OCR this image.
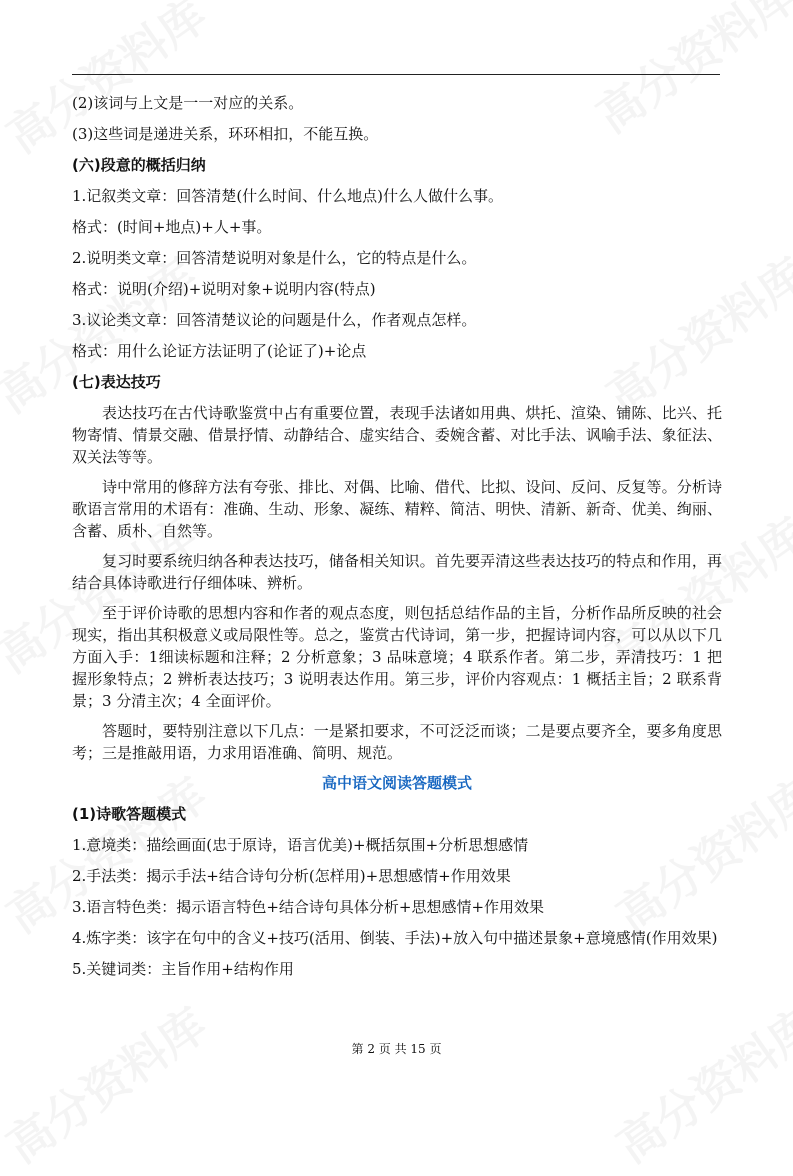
(2)该词与上文是一一对应的关系。

(3)这些词是递进关系，环环相扣，不能互换。

(六)段意的概括归纳

1.记叙类文章：回答清楚(什么时间、什么地点)什么人做什么事。

格式：(时间+地点)+人+事。

2.说明类文章：回答清楚说明对象是什么，它的特点是什么。

格式：说明(介绍)+说明对象+说明内容(特点)

3.议论类文章：回答清楚议论的问题是什么，作者观点怎样。

格式：用什么论证方法证明了(论证了)+论点

(七)表达技巧

表达技巧在古代诗歌鉴赏中占有重要位置，表现手法诸如用典、烘托、渲染、铺陈、比兴、托物寄情、情景交融、借景抒情、动静结合、虚实结合、委婉含蓄、对比手法、讽喻手法、象征法、双关法等等。

诗中常用的修辞方法有夸张、排比、对偶、比喻、借代、比拟、设问、反问、反复等。分析诗歌语言常用的术语有：准确、生动、形象、凝练、精粹、简洁、明快、清新、新奇、优美、绚丽、含蓄、质朴、自然等。

复习时要系统归纳各种表达技巧，储备相关知识。首先要弄清这些表达技巧的特点和作用，再结合具体诗歌进行仔细体味、辨析。

至于评价诗歌的思想内容和作者的观点态度，则包括总结作品的主旨，分析作品所反映的社会现实，指出其积极意义或局限性等。总之，鉴赏古代诗词，第一步，把握诗词内容，可以从以下几方面入手：1细读标题和注释；2 分析意象；3 品味意境；4 联系作者。第二步，弄清技巧：1 把握形象特点；2 辨析表达技巧；3 说明表达作用。第三步，评价内容观点：1 概括主旨；2 联系背景；3 分清主次；4 全面评价。

答题时，要特别注意以下几点：一是紧扣要求，不可泛泛而谈；二是要点要齐全，要多角度思考；三是推敲用语，力求用语准确、简明、规范。

高中语文阅读答题模式

(1)诗歌答题模式

1.意境类：描绘画面(忠于原诗，语言优美)+概括氛围+分析思想感情

2.手法类：揭示手法+结合诗句分析(怎样用)+思想感情+作用效果

3.语言特色类：揭示语言特色+结合诗句具体分析+思想感情+作用效果

4.炼字类：该字在句中的含义+技巧(活用、倒装、手法)+放入句中描述景象+意境感情(作用效果)

5.关键词类：主旨作用+结构作用

第 2 页 共 15 页
